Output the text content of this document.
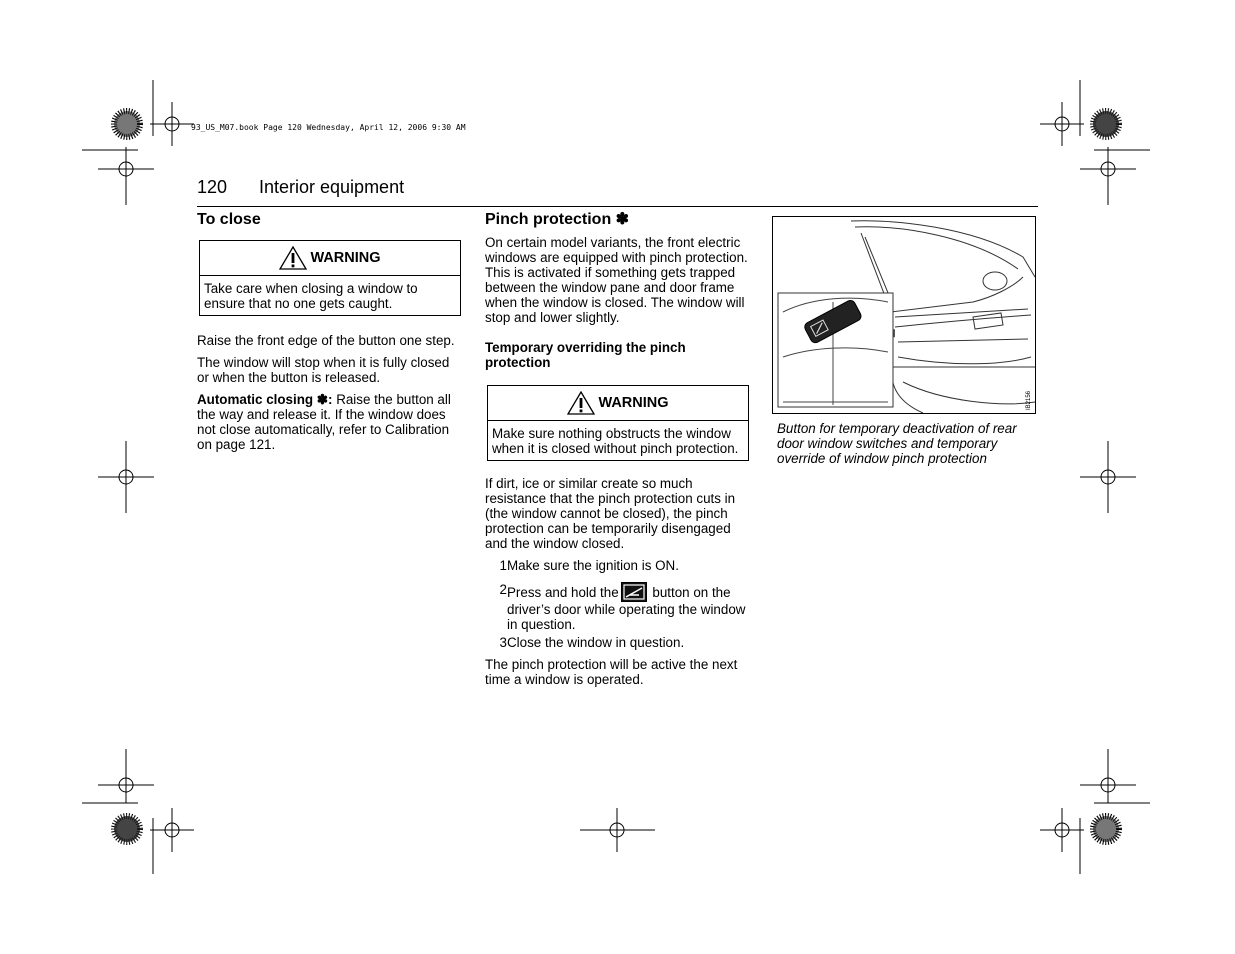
93_US_M07.book Page 120 Wednesday, April 12, 2006 9:30 AM
120 Interior equipment
To close
WARNING
Take care when closing a window to ensure that no one gets caught.

Raise the front edge of the button one step.

The window will stop when it is fully closed or when the button is released.

Automatic closing ✽: Raise the button all the way and release it. If the window does not close automatically, refer to Calibration on page 121.

Pinch protection ✽

On certain model variants, the front electric windows are equipped with pinch protection. This is activated if something gets trapped between the window pane and door frame when the window is closed. The window will stop and lower slightly.

Temporary overriding the pinch protection
WARNING
Make sure nothing obstructs the window when it is closed without pinch protection.

If dirt, ice or similar create so much resistance that the pinch protection cuts in (the window cannot be closed), the pinch protection can be temporarily disengaged and the window closed.

1 Make sure the ignition is ON.
2 Press and hold the button on the driver’s door while operating the window in question.
3 Close the window in question.

The pinch protection will be active the next time a window is operated.

IB2156
Button for temporary deactivation of rear door window switches and temporary override of window pinch protection
